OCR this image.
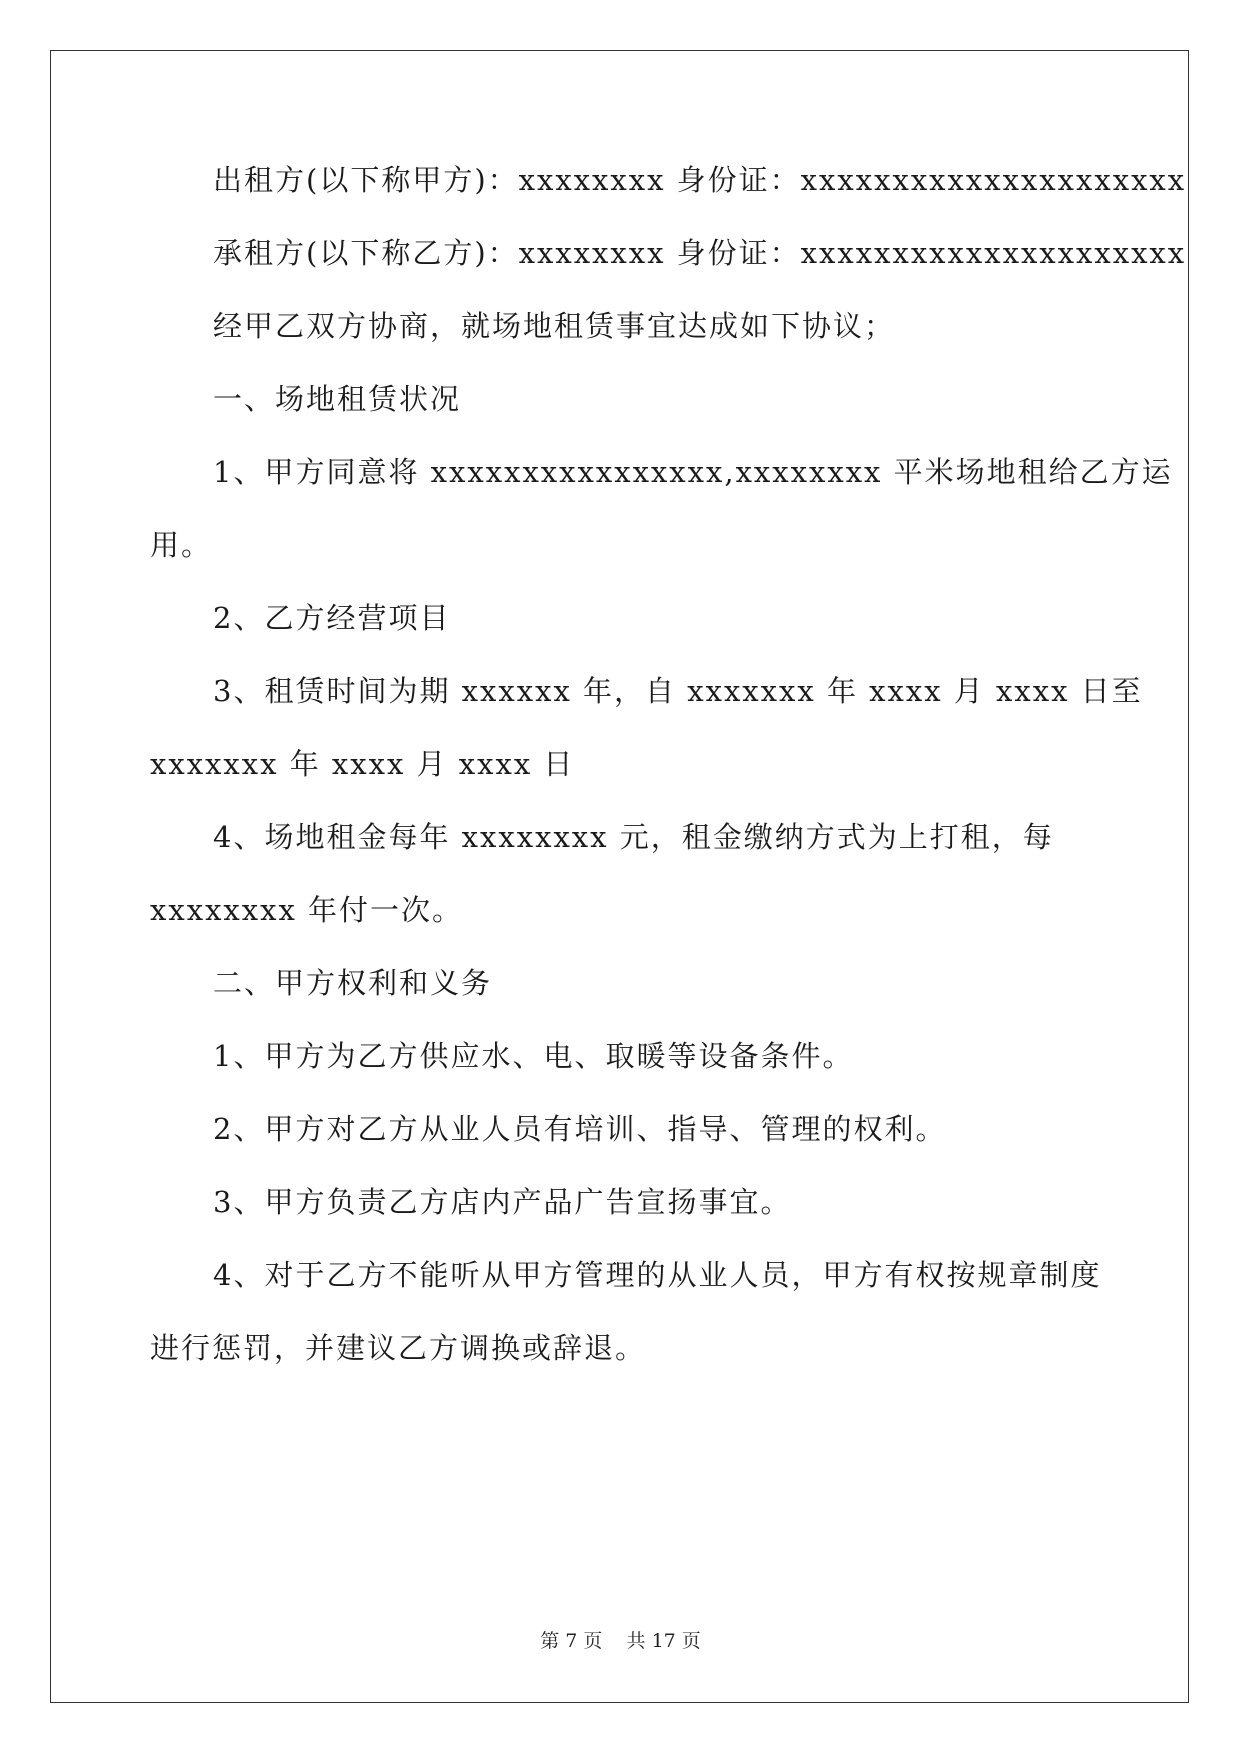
出租方(以下称甲方)：xxxxxxxx 身份证：xxxxxxxxxxxxxxxxxxxxx
承租方(以下称乙方)：xxxxxxxx 身份证：xxxxxxxxxxxxxxxxxxxxx
经甲乙双方协商，就场地租赁事宜达成如下协议；
一、场地租赁状况
1、甲方同意将 xxxxxxxxxxxxxxxx,xxxxxxxx 平米场地租给乙方运
用。
2、乙方经营项目
3、租赁时间为期 xxxxxx 年，自 xxxxxxx 年 xxxx 月 xxxx 日至
xxxxxxx 年 xxxx 月 xxxx 日
4、场地租金每年 xxxxxxxx 元，租金缴纳方式为上打租，每
xxxxxxxx 年付一次。
二、甲方权利和义务
1、甲方为乙方供应水、电、取暖等设备条件。
2、甲方对乙方从业人员有培训、指导、管理的权利。
3、甲方负责乙方店内产品广告宣扬事宜。
4、对于乙方不能听从甲方管理的从业人员，甲方有权按规章制度
进行惩罚，并建议乙方调换或辞退。
第 7 页 共 17 页
